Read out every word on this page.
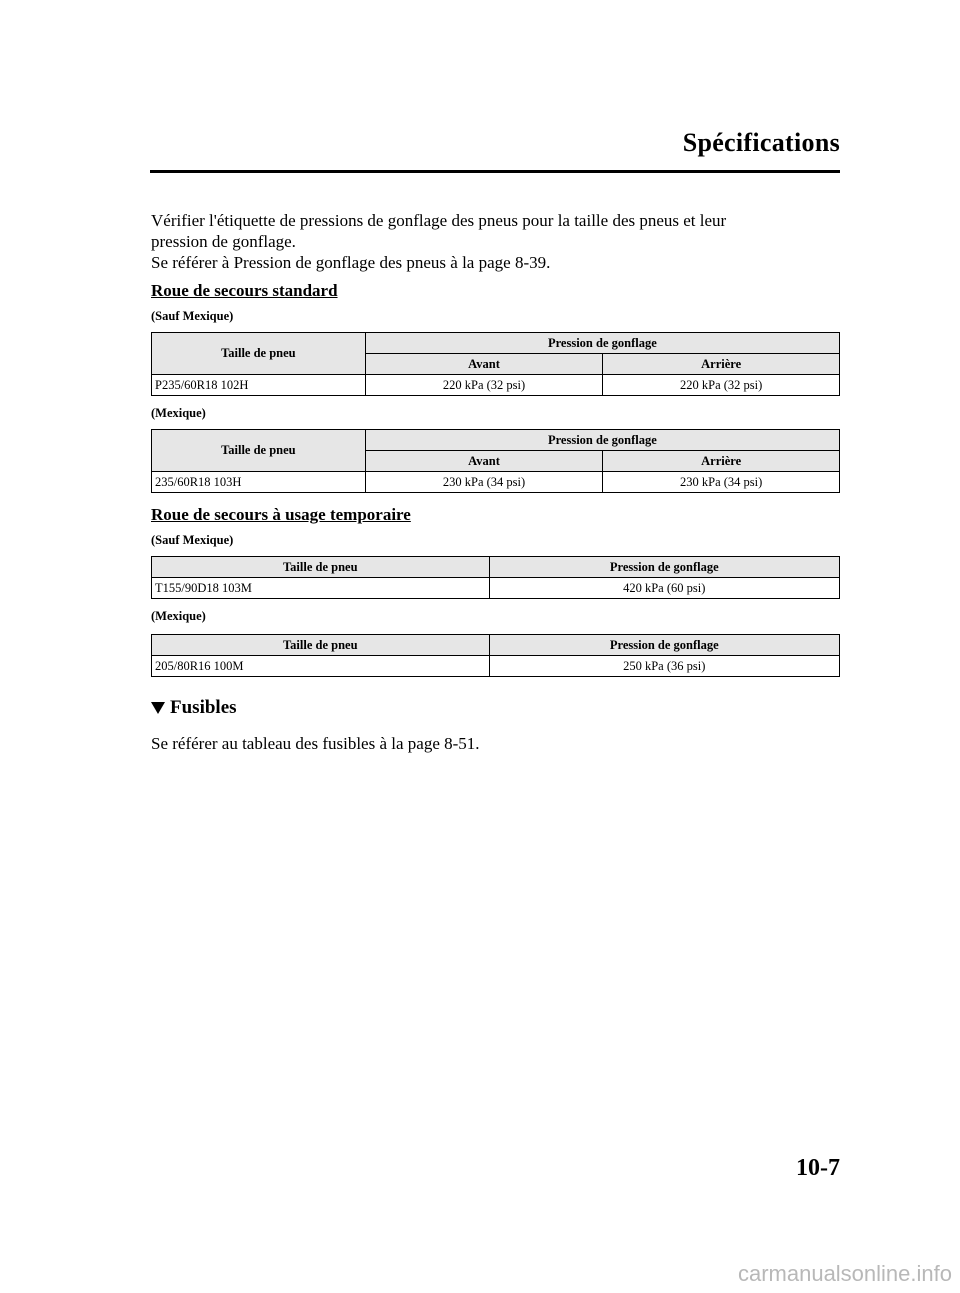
Spécifications

Vérifier l'étiquette de pressions de gonflage des pneus pour la taille des pneus et leur

pression de gonflage.

Se référer à Pression de gonflage des pneus à la page 8-39.

Roue de secours standard

(Sauf Mexique)

Taille de pneu	Pression de gonflage	
	Avant	Arrière
P235/60R18 102H	220 kPa (32 psi)	220 kPa (32 psi)

(Mexique)

Taille de pneu	Pression de gonflage	
	Avant	Arrière
235/60R18 103H	230 kPa (34 psi)	230 kPa (34 psi)

Roue de secours à usage temporaire

(Sauf Mexique)

Taille de pneu	Pression de gonflage
T155/90D18 103M	420 kPa (60 psi)

(Mexique)

Taille de pneu	Pression de gonflage
205/80R16 100M	250 kPa (36 psi)

Fusibles

Se référer au tableau des fusibles à la page 8-51.

10-7
carmanualsonline.info
